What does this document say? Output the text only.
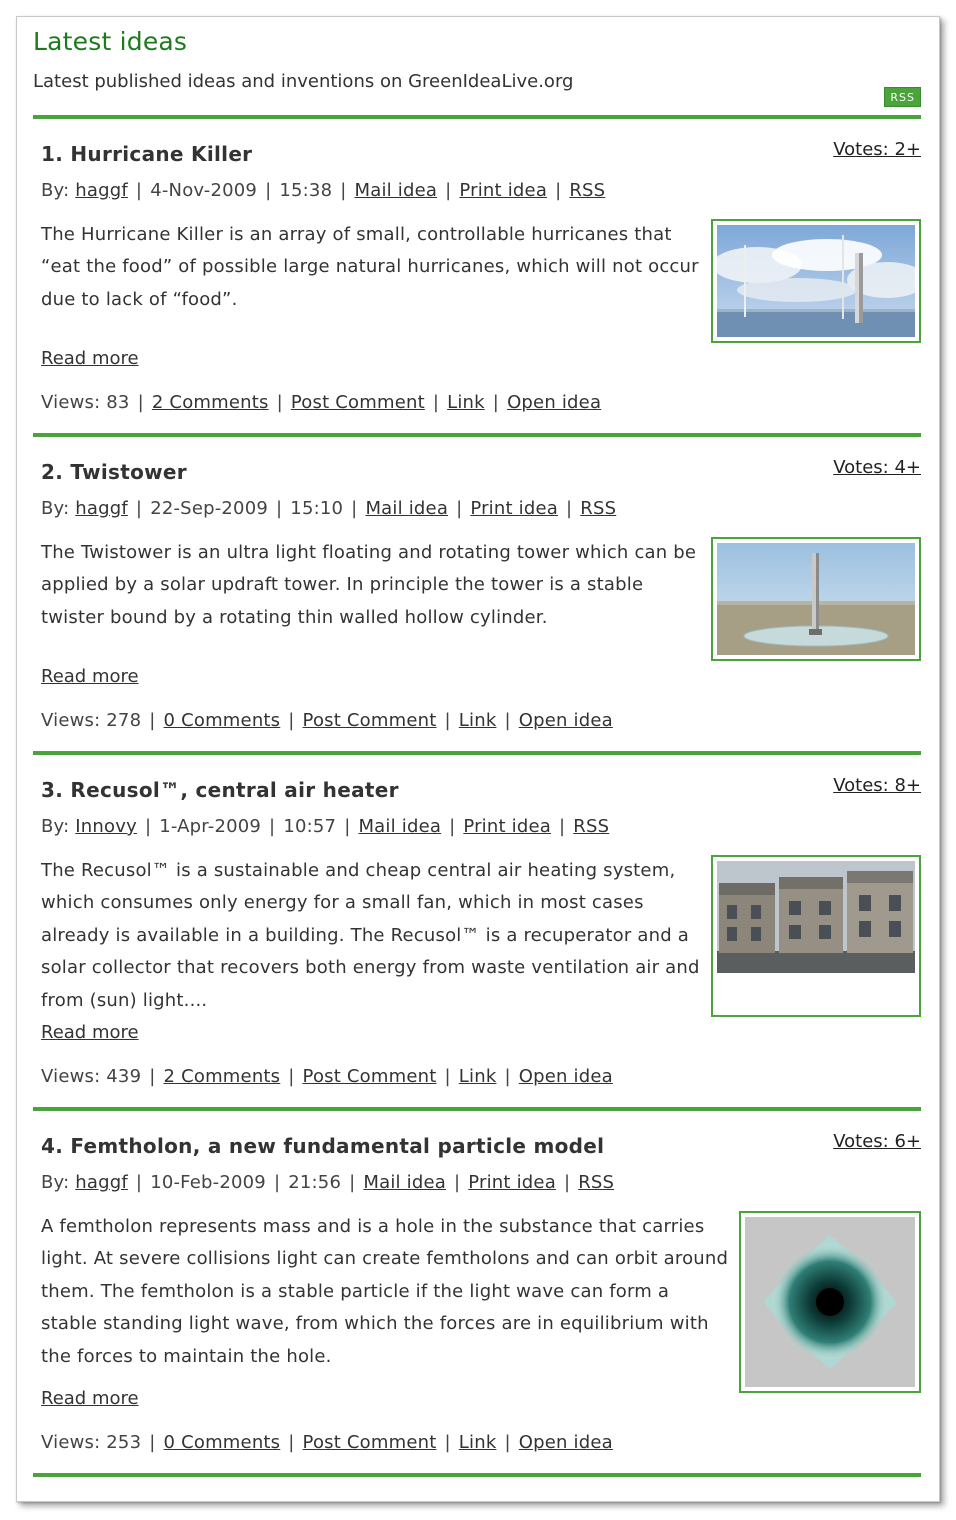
Latest ideas
Latest published ideas and inventions on GreenIdeaLive.org
RSS
Votes: 2+
1. Hurricane Killer
By: haggf | 4-Nov-2009 | 15:38 | Mail idea | Print idea | RSS
The Hurricane Killer is an array of small, controllable hurricanes that “eat the food” of possible large natural hurricanes, which will not occur due to lack of “food”.
Read more
Views: 83 | 2 Comments | Post Comment | Link | Open idea
Votes: 4+
2. Twistower
By: haggf | 22-Sep-2009 | 15:10 | Mail idea | Print idea | RSS
The Twistower is an ultra light floating and rotating tower which can be applied by a solar updraft tower. In principle the tower is a stable twister bound by a rotating thin walled hollow cylinder.
Read more
Views: 278 | 0 Comments | Post Comment | Link | Open idea
Votes: 8+
3. Recusol™, central air heater
By: Innovy | 1-Apr-2009 | 10:57 | Mail idea | Print idea | RSS
The Recusol™ is a sustainable and cheap central air heating system, which consumes only energy for a small fan, which in most cases already is available in a building. The Recusol™ is a recuperator and a solar collector that recovers both energy from waste ventilation air and from (sun) light....
Read more
Views: 439 | 2 Comments | Post Comment | Link | Open idea
Votes: 6+
4. Femtholon, a new fundamental particle model
By: haggf | 10-Feb-2009 | 21:56 | Mail idea | Print idea | RSS
A femtholon represents mass and is a hole in the substance that carries light. At severe collisions light can create femtholons and can orbit around them. The femtholon is a stable particle if the light wave can form a stable standing light wave, from which the forces are in equilibrium with the forces to maintain the hole.
Read more
Views: 253 | 0 Comments | Post Comment | Link | Open idea
